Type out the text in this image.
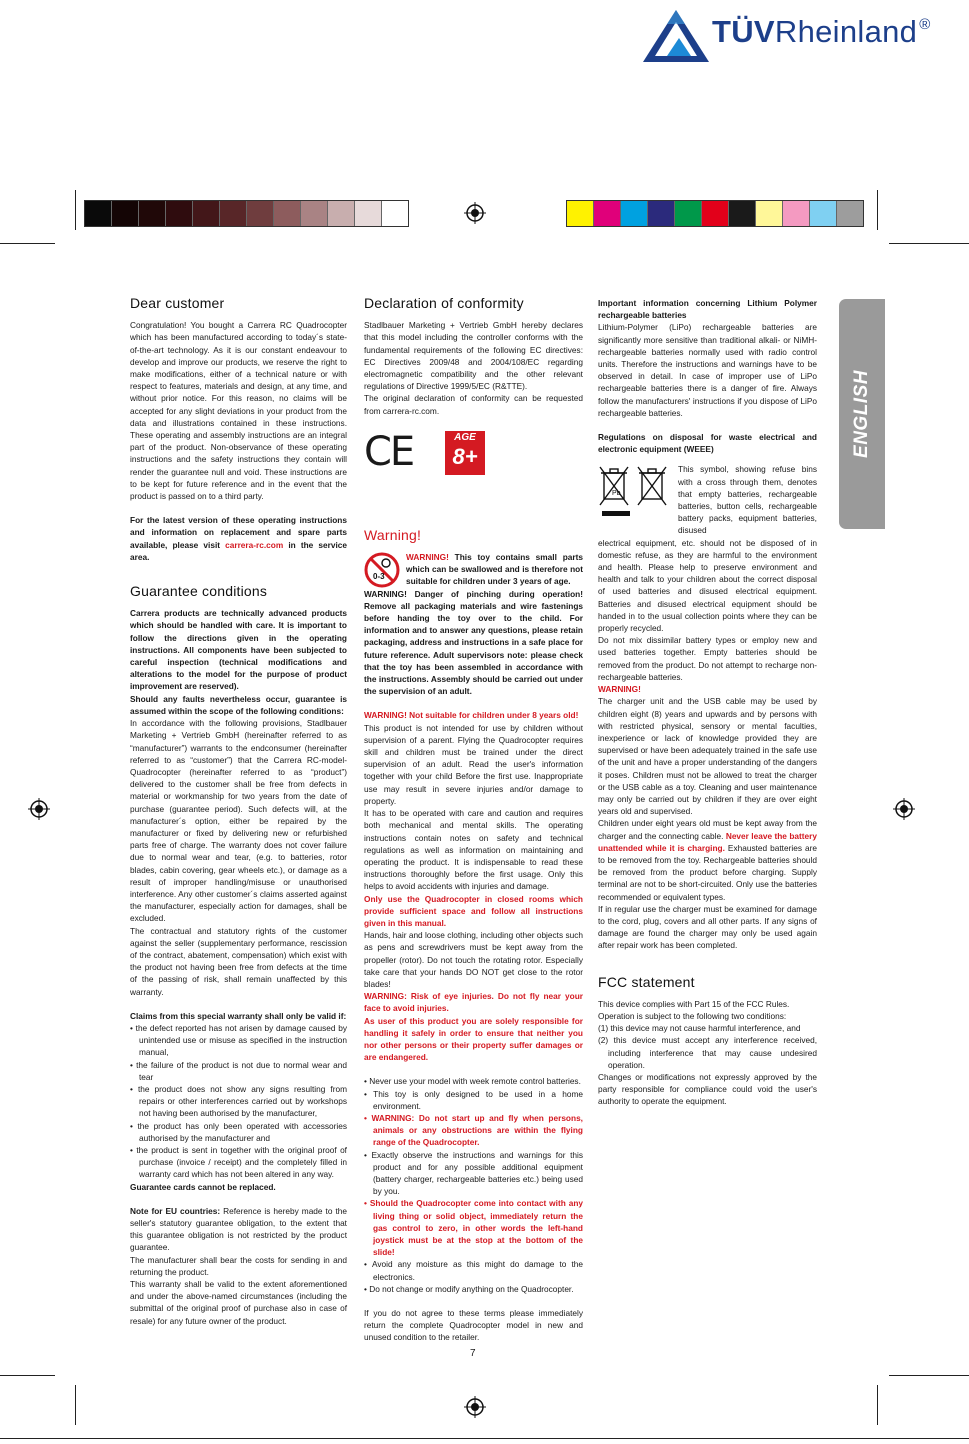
TÜVRheinland ®
Dear customer

Congratulation! You bought a Carrera RC Quadrocopter which has been manufactured according to today´s state-of-the-art technology. As it is our constant endeavour to develop and improve our products, we reserve the right to make modifications, either of a technical nature or with respect to features, materials and design, at any time, and without prior notice. For this reason, no claims will be accepted for any slight deviations in your product from the data and illustrations contained in these instructions. These operating and assembly instructions are an integral part of the product. Non-observance of these operating instructions and the safety instructions they contain will render the guarantee null and void. These instructions are to be kept for future reference and in the event that the product is passed on to a third party.

For the latest version of these operating instructions and information on replacement and spare parts available, please visit carrera-rc.com in the service area.

Guarantee conditions

Carrera products are technically advanced products which should be handled with care. It is important to follow the directions given in the operating instructions. All components have been subjected to careful inspection (technical modifications and alterations to the model for the purpose of product improvement are reserved).

Should any faults nevertheless occur, guarantee is assumed within the scope of the following conditions:

In accordance with the following provisions, Stadlbauer Marketing + Vertrieb GmbH (hereinafter referred to as “manufacturer”) warrants to the endconsumer (hereinafter referred to as “customer”) that the Carrera RC-model-Quadrocopter (hereinafter referred to as “product”) delivered to the customer shall be free from defects in material or workmanship for two years from the date of purchase (guarantee period). Such defects will, at the manufacturer´s option, either be repaired by the manufacturer or fixed by delivering new or refurbished parts free of charge. The warranty does not cover failure due to normal wear and tear, (e.g. to batteries, rotor blades, cabin covering, gear wheels etc.), or damage as a result of improper handling/misuse or unauthorised interference. Any other customer´s claims asserted against the manufacturer, especially action for damages, shall be excluded.

The contractual and statutory rights of the customer against the seller (supplementary performance, rescission of the contract, abatement, compensation) which exist with the product not having been free from defects at the time of the passing of risk, shall remain unaffected by this warranty.

Claims from this special warranty shall only be valid if:

• the defect reported has not arisen by damage caused by unintended use or misuse as specified in the instruction manual,
• the failure of the product is not due to normal wear and tear
• the product does not show any signs resulting from repairs or other interferences carried out by workshops not having been authorised by the manufacturer,
• the product has only been operated with accessories authorised by the manufacturer and
• the product is sent in together with the original proof of purchase (invoice / receipt) and the completely filled in warranty card which has not been altered in any way.

Guarantee cards cannot be replaced.

Note for EU countries: Reference is hereby made to the seller's statutory guarantee obligation, to the extent that this guarantee obligation is not restricted by the product guarantee.

The manufacturer shall bear the costs for sending in and returning the product.

This warranty shall be valid to the extent aforementioned and under the above-named circumstances (including the submittal of the original proof of purchase also in case of resale) for any future owner of the product.

Declaration of conformity

Stadlbauer Marketing + Vertrieb GmbH hereby declares that this model including the controller conforms with the fundamental requirements of the following EC directives: EC Directives 2009/48 and 2004/108/EC regarding electromagnetic compatibility and the other relevant regulations of Directive 1999/5/EC (R&TTE).

The original declaration of conformity can be requested from carrera-rc.com.

CE	AGE
8+
Warning!
0-3

WARNING! This toy contains small parts which can be swallowed and is therefore not suitable for children under 3 years of age.

WARNING! Danger of pinching during operation! Remove all packaging materials and wire fastenings before handing the toy over to the child. For information and to answer any questions, please retain packaging, address and instructions in a safe place for future reference. Adult supervisors note: please check that the toy has been assembled in accordance with the instructions. Assembly should be carried out under the supervision of an adult.

WARNING! Not suitable for children under 8 years old!

This product is not intended for use by children without supervision of a parent. Flying the Quadrocopter requires skill and children must be trained under the direct supervision of an adult. Read the user's information together with your child Before the first use. Inappropriate use may result in severe injuries and/or damage to property.

It has to be operated with care and caution and requires both mechanical and mental skills. The operating instructions contain notes on safety and technical regulations as well as information on maintaining and operating the product. It is indispensable to read these instructions thoroughly before the first usage. Only this helps to avoid accidents with injuries and damage.

Only use the Quadrocopter in closed rooms which provide sufficient space and follow all instructions given in this manual.

Hands, hair and loose clothing, including other objects such as pens and screwdrivers must be kept away from the propeller (rotor). Do not touch the rotating rotor. Especially take care that your hands DO NOT get close to the rotor blades!

WARNING: Risk of eye injuries. Do not fly near your face to avoid injuries.

As user of this product you are solely responsible for handling it safely in order to ensure that neither you nor other persons or their property suffer damages or are endangered.

• Never use your model with week remote control batteries.
• This toy is only designed to be used in a home environment.
• WARNING: Do not start up and fly when persons, animals or any obstructions are within the flying range of the Quadrocopter.
• Exactly observe the instructions and warnings for this product and for any possible additional equipment (battery charger, rechargeable batteries etc.) being used by you.
• Should the Quadrocopter come into contact with any living thing or solid object, immediately return the gas control to zero, in other words the left-hand joystick must be at the stop at the bottom of the slide!
• Avoid any moisture as this might do damage to the electronics.
• Do not change or modify anything on the Quadrocopter.

If you do not agree to these terms please immediately return the complete Quadrocopter model in new and unused condition to the retailer.

Important information concerning Lithium Polymer rechargeable batteries

Lithium-Polymer (LiPo) rechargeable batteries are significantly more sensitive than traditional alkali- or NiMH-rechargeable batteries normally used with radio control units. Therefore the instructions and warnings have to be observed in detail. In case of improper use of LiPo rechargeable batteries there is a danger of fire. Always follow the manufacturers' instructions if you dispose of LiPo rechargeable batteries.

Regulations on disposal for waste electrical and electronic equipment (WEEE)

Pb

This symbol, showing refuse bins with a cross through them, denotes that empty batteries, rechargeable batteries, button cells, rechargeable battery packs, equipment batteries, disused

electrical equipment, etc. should not be disposed of in domestic refuse, as they are harmful to the environment and health. Please help to preserve environment and health and talk to your children about the correct disposal of used batteries and disused electrical equipment. Batteries and disused electrical equipment should be handed in to the usual collection points where they can be properly recycled.

Do not mix dissimilar battery types or employ new and used batteries together. Empty batteries should be removed from the product. Do not attempt to recharge non-rechargeable batteries.

WARNING!

The charger unit and the USB cable may be used by children eight (8) years and upwards and by persons with with restricted physical, sensory or mental faculties, inexperience or lack of knowledge provided they are supervised or have been adequately trained in the safe use of the unit and have a proper understanding of the dangers it poses. Children must not be allowed to treat the charger or the USB cable as a toy. Cleaning and user maintenance may only be carried out by children if they are over eight years old and supervised.

Children under eight years old must be kept away from the charger and the connecting cable. Never leave the battery unattended while it is charging. Exhausted batteries are to be removed from the toy. Rechargeable batteries should be removed from the product before charging. Supply terminal are not to be short-circuited. Only use the batteries recommended or equivalent types.

If in regular use the charger must be examined for damage to the cord, plug, covers and all other parts. If any signs of damage are found the charger may only be used again after repair work has been completed.

FCC statement

This device complies with Part 15 of the FCC Rules.

Operation is subject to the following two conditions:

(1) this device may not cause harmful interference, and

(2) this device must accept any interference received, including interference that may cause undesired operation.

Changes or modifications not expressly approved by the party responsible for compliance could void the user's authority to operate the equipment.

ENGLISH
7
